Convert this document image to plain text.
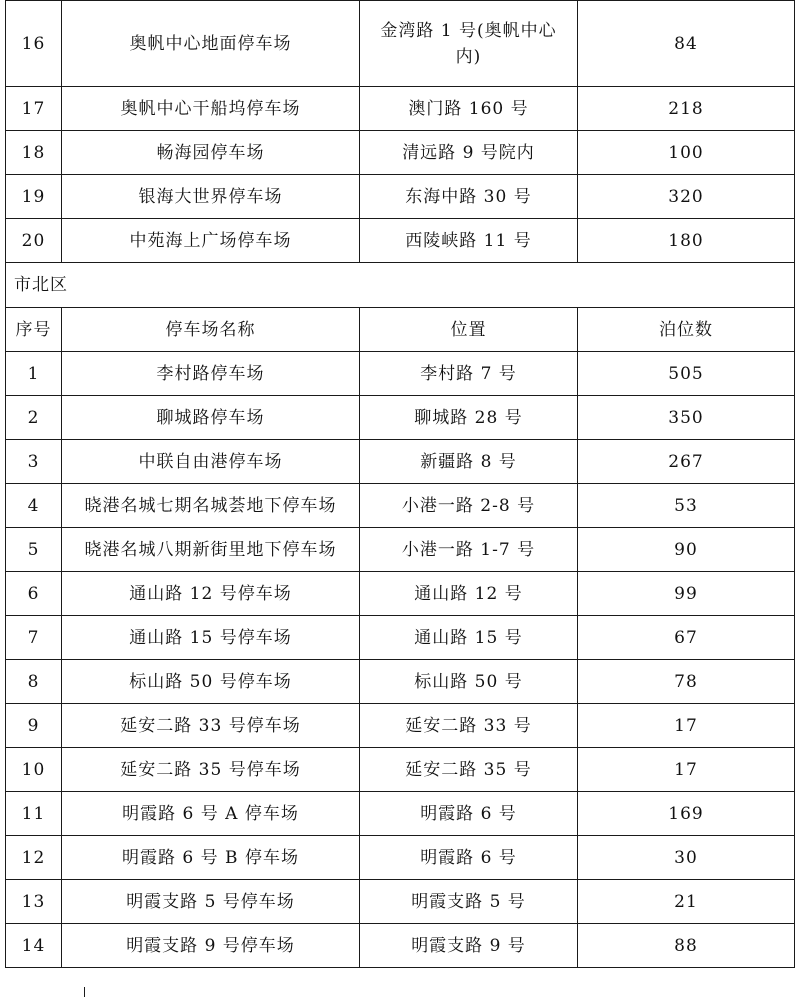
16	奥帆中心地面停车场	金湾路 1 号(奥帆中心内)	84
17	奥帆中心干船坞停车场	澳门路 160 号	218
18	畅海园停车场	清远路 9 号院内	100
19	银海大世界停车场	东海中路 30 号	320
20	中苑海上广场停车场	西陵峡路 11 号	180
市北区			
序号	停车场名称	位置	泊位数
1	李村路停车场	李村路 7 号	505
2	聊城路停车场	聊城路 28 号	350
3	中联自由港停车场	新疆路 8 号	267
4	晓港名城七期名城荟地下停车场	小港一路 2-8 号	53
5	晓港名城八期新街里地下停车场	小港一路 1-7 号	90
6	通山路 12 号停车场	通山路 12 号	99
7	通山路 15 号停车场	通山路 15 号	67
8	标山路 50 号停车场	标山路 50 号	78
9	延安二路 33 号停车场	延安二路 33 号	17
10	延安二路 35 号停车场	延安二路 35 号	17
11	明霞路 6 号 A 停车场	明霞路 6 号	169
12	明霞路 6 号 B 停车场	明霞路 6 号	30
13	明霞支路 5 号停车场	明霞支路 5 号	21
14	明霞支路 9 号停车场	明霞支路 9 号	88
